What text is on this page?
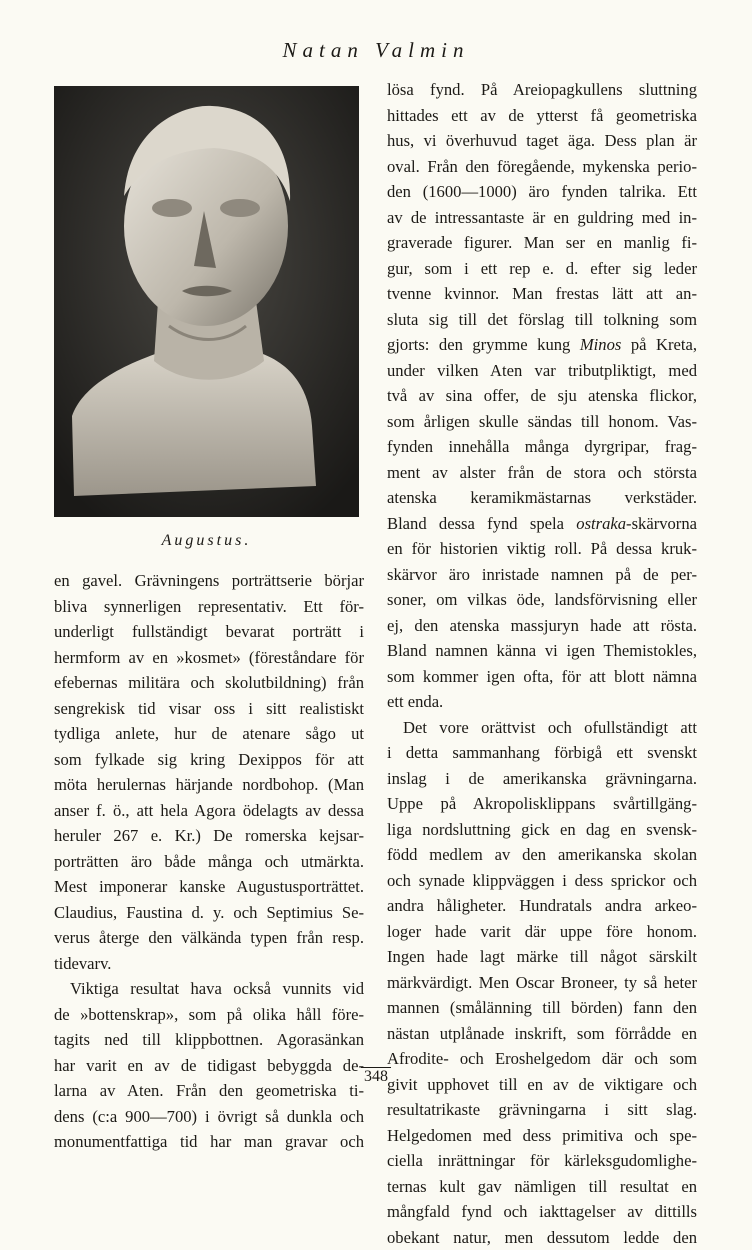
Natan Valmin
Augustus.
en gavel. Grävningens porträttserie börjar
bliva synnerligen representativ. Ett för-
underligt fullständigt bevarat porträtt i
hermform av en »kosmet» (föreståndare för
efebernas militära och skolutbildning) från
sengrekisk tid visar oss i sitt realistiskt
tydliga anlete, hur de atenare sågo ut
som fylkade sig kring Dexippos för att
möta herulernas härjande nordbohop. (Man
anser f. ö., att hela Agora ödelagts av dessa
heruler 267 e. Kr.) De romerska kejsar-
porträtten äro både många och utmärkta.
Mest imponerar kanske Augustusporträttet.
Claudius, Faustina d. y. och Septimius Se-
verus återge den välkända typen från resp.
tidevarv.
Viktiga resultat hava också vunnits vid
de »bottenskrap», som på olika håll före-
tagits ned till klippbottnen. Agorasänkan
har varit en av de tidigast bebyggda de-
larna av Aten. Från den geometriska ti-
dens (c:a 900—700) i övrigt så dunkla och
monumentfattiga tid har man gravar och
lösa fynd. På Areiopagkullens sluttning
hittades ett av de ytterst få geometriska
hus, vi överhuvud taget äga. Dess plan är
oval. Från den föregående, mykenska perio-
den (1600—1000) äro fynden talrika. Ett
av de intressantaste är en guldring med in-
graverade figurer. Man ser en manlig fi-
gur, som i ett rep e. d. efter sig leder
tvenne kvinnor. Man frestas lätt att an-
sluta sig till det förslag till tolkning som
gjorts: den grymme kung Minos på Kreta,
under vilken Aten var tributpliktigt, med
två av sina offer, de sju atenska flickor,
som årligen skulle sändas till honom. Vas-
fynden innehålla många dyrgripar, frag-
ment av alster från de stora och största
atenska keramikmästarnas verkstäder.
Bland dessa fynd spela ostraka-skärvorna
en för historien viktig roll. På dessa kruk-
skärvor äro inristade namnen på de per-
soner, om vilkas öde, landsförvisning eller
ej, den atenska massjuryn hade att rösta.
Bland namnen känna vi igen Themistokles,
som kommer igen ofta, för att blott nämna
ett enda.
Det vore orättvist och ofullständigt att
i detta sammanhang förbigå ett svenskt
inslag i de amerikanska grävningarna.
Uppe på Akropolisklippans svårtillgäng-
liga nordsluttning gick en dag en svensk-
född medlem av den amerikanska skolan
och synade klippväggen i dess sprickor och
andra håligheter. Hundratals andra arkeo-
loger hade varit där uppe före honom.
Ingen hade lagt märke till något särskilt
märkvärdigt. Men Oscar Broneer, ty så heter
mannen (smålänning till börden) fann den
nästan utplånade inskrift, som förrådde en
Afrodite- och Eroshelgedom där och som
givit upphovet till en av de viktigare och
resultatrikaste grävningarna i sitt slag.
Helgedomen med dess primitiva och spe-
ciella inrättningar för kärleksgudomlighe-
ternas kult gav nämligen till resultat en
mångfald fynd och iakttagelser av dittills
obekant natur, men dessutom ledde den
348
